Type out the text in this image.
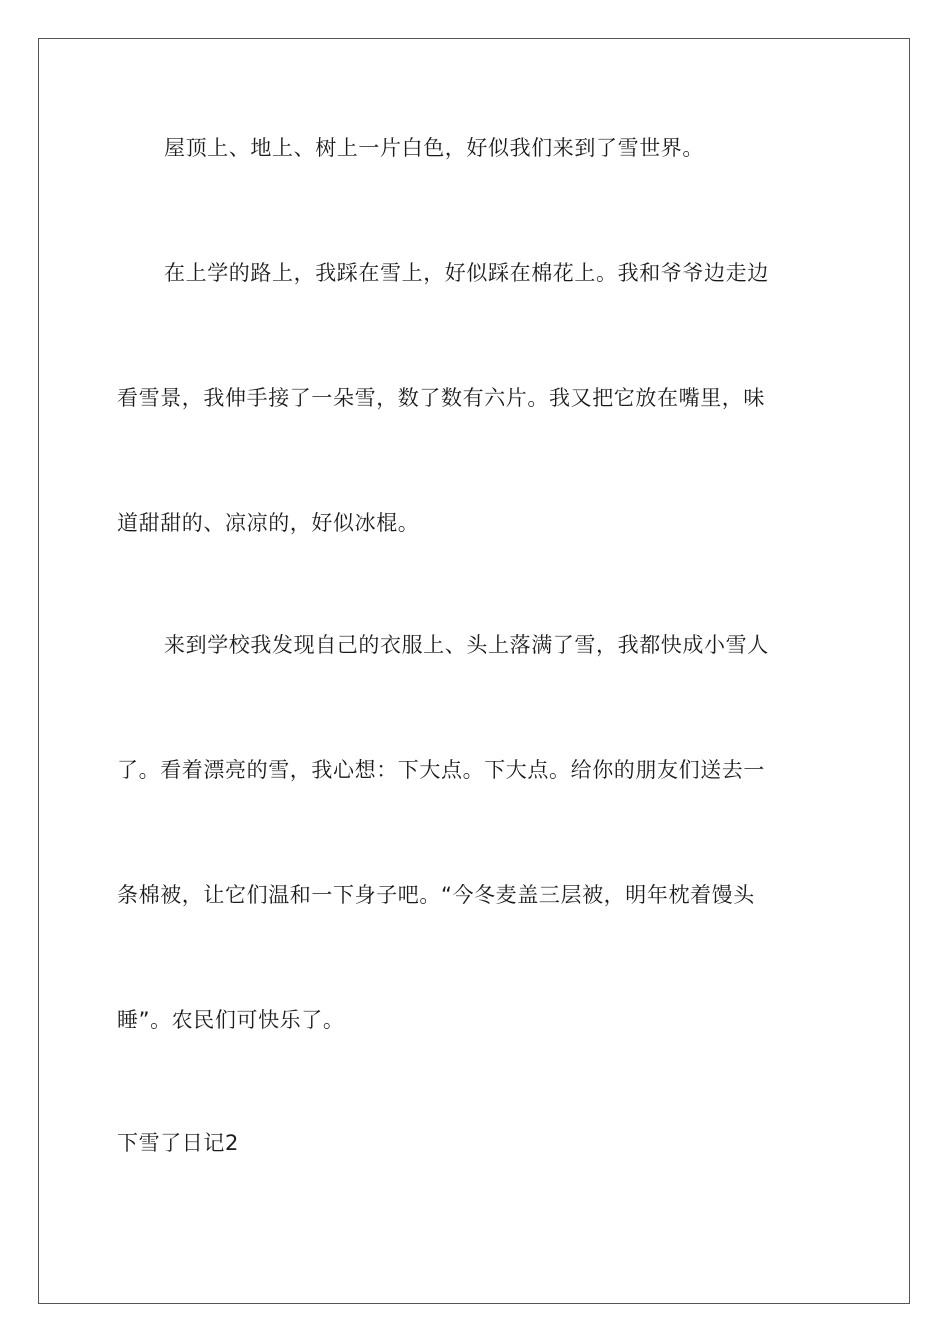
屋顶上、地上、树上一片白色，好似我们来到了雪世界。
在上学的路上，我踩在雪上，好似踩在棉花上。我和爷爷边走边
看雪景，我伸手接了一朵雪，数了数有六片。我又把它放在嘴里，味
道甜甜的、凉凉的，好似冰棍。
来到学校我发现自己的衣服上、头上落满了雪，我都快成小雪人
了。看着漂亮的雪，我心想：下大点。下大点。给你的朋友们送去一
条棉被，让它们温和一下身子吧。“今冬麦盖三层被，明年枕着馒头
睡”。农民们可快乐了。
下雪了日记2
